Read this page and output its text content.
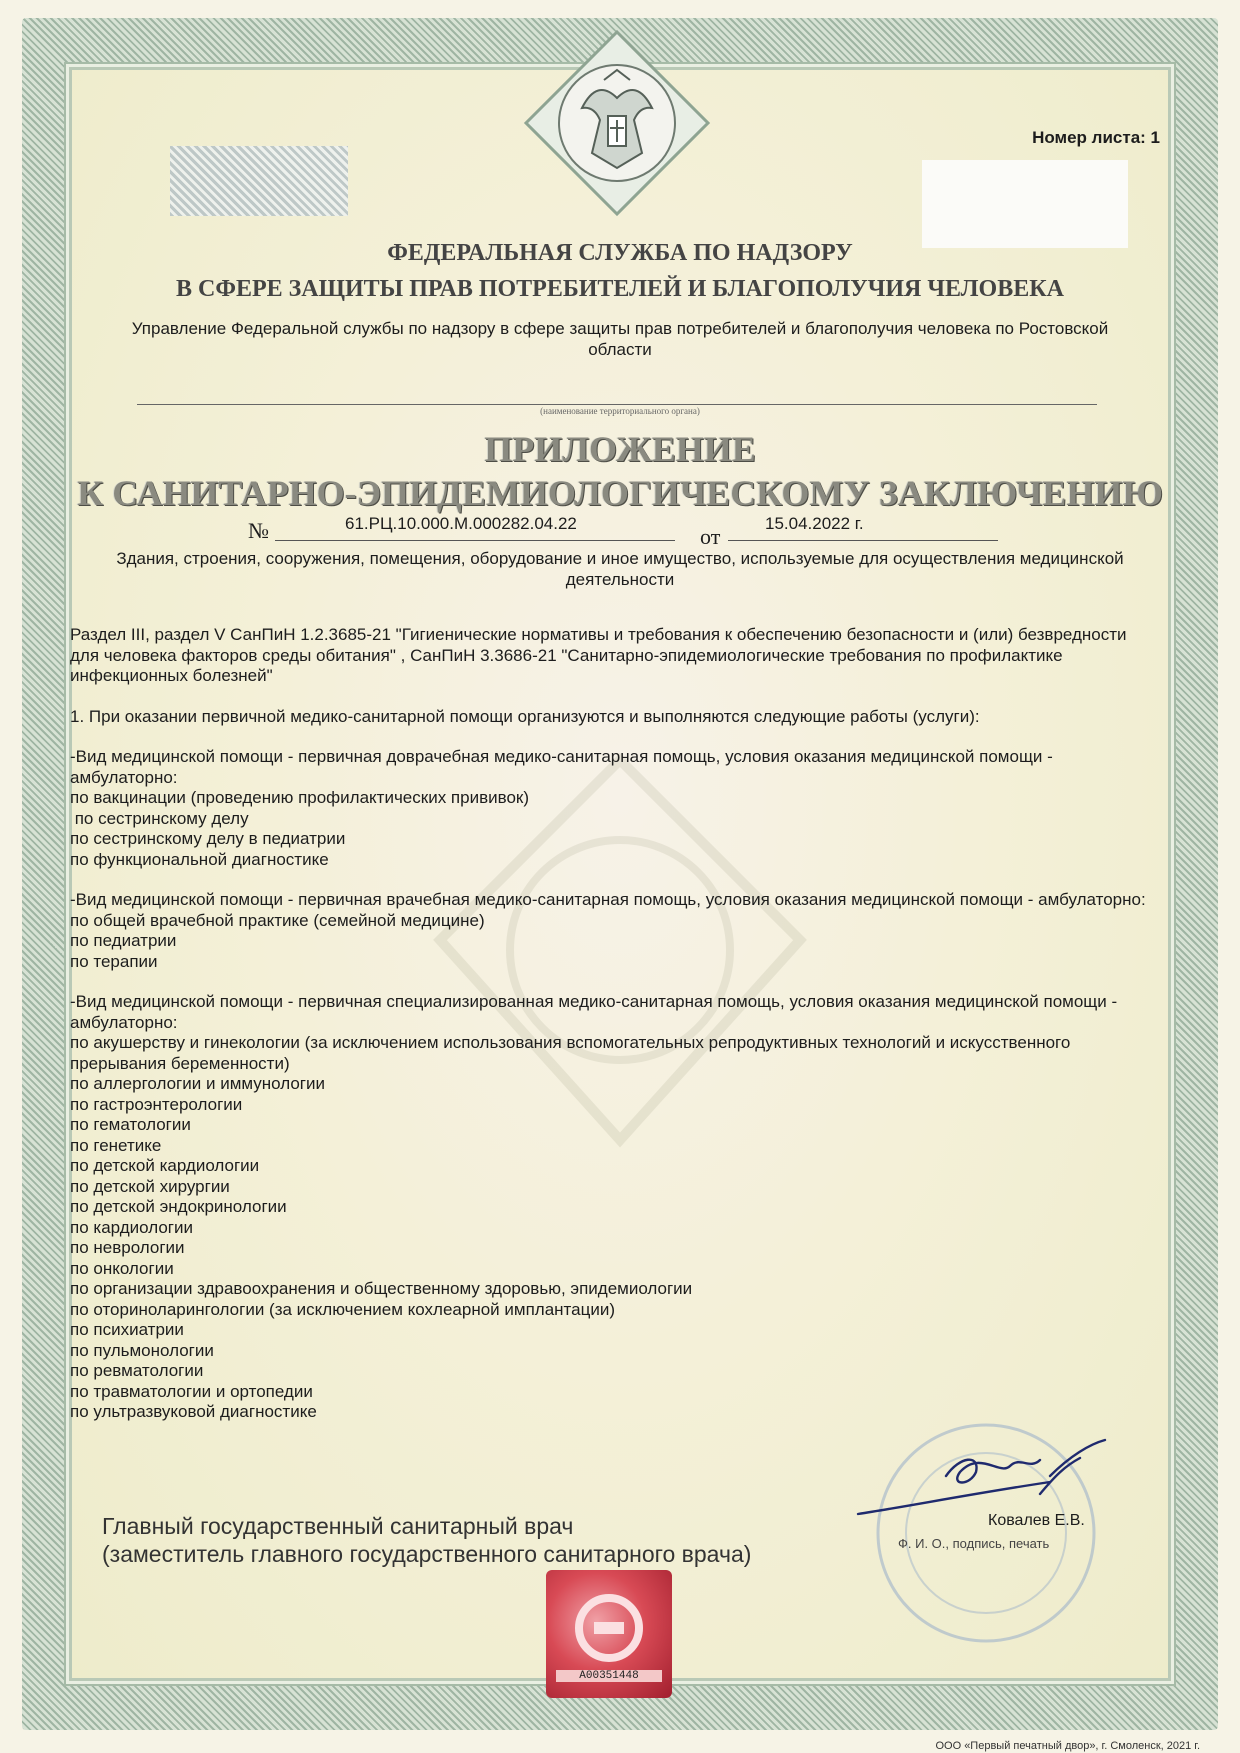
Номер листа: 1
ФЕДЕРАЛЬНАЯ СЛУЖБА ПО НАДЗОРУ
В СФЕРЕ ЗАЩИТЫ ПРАВ ПОТРЕБИТЕЛЕЙ И БЛАГОПОЛУЧИЯ ЧЕЛОВЕКА
Управление Федеральной службы по надзору в сфере защиты прав потребителей и благополучия человека по Ростовской области
(наименование территориального органа)
ПРИЛОЖЕНИЕ
К САНИТАРНО-ЭПИДЕМИОЛОГИЧЕСКОМУ ЗАКЛЮЧЕНИЮ
№	61.РЦ.10.000.М.000282.04.22
от
15.04.2022 г.
Здания, строения, сооружения, помещения, оборудование и иное имущество, используемые для осуществления медицинской деятельности

Раздел III, раздел V СанПиН 1.2.3685-21 "Гигиенические нормативы и требования к обеспечению безопасности и (или) безвредности для человека факторов среды обитания" , СанПиН 3.3686-21 "Санитарно-эпидемиологические требования по профилактике инфекционных болезней"

1. При оказании первичной медико-санитарной помощи организуются и выполняются следующие работы (услуги):

-Вид медицинской помощи - первичная доврачебная медико-санитарная помощь, условия оказания медицинской помощи - амбулаторно:

по вакцинации (проведению профилактических прививок)

по сестринскому делу

по сестринскому делу в педиатрии

по функциональной диагностике

-Вид медицинской помощи - первичная врачебная медико-санитарная помощь, условия оказания медицинской помощи - амбулаторно:

по общей врачебной практике (семейной медицине)

по педиатрии

по терапии

-Вид медицинской помощи - первичная специализированная медико-санитарная помощь, условия оказания медицинской помощи - амбулаторно:

по акушерству и гинекологии (за исключением использования вспомогательных репродуктивных технологий и искусственного прерывания беременности)

по аллергологии и иммунологии

по гастроэнтерологии

по гематологии

по генетике

по детской кардиологии

по детской хирургии

по детской эндокринологии

по кардиологии

по неврологии

по онкологии

по организации здравоохранения и общественному здоровью, эпидемиологии

по оториноларингологии (за исключением кохлеарной имплантации)

по психиатрии

по пульмонологии

по ревматологии

по травматологии и ортопедии

по ультразвуковой диагностике

Главный государственный санитарный врач
(заместитель главного государственного санитарного врача)
Ковалев Е.В.
Ф. И. О., подпись, печать
А00351448
ООО «Первый печатный двор», г. Смоленск, 2021 г.
